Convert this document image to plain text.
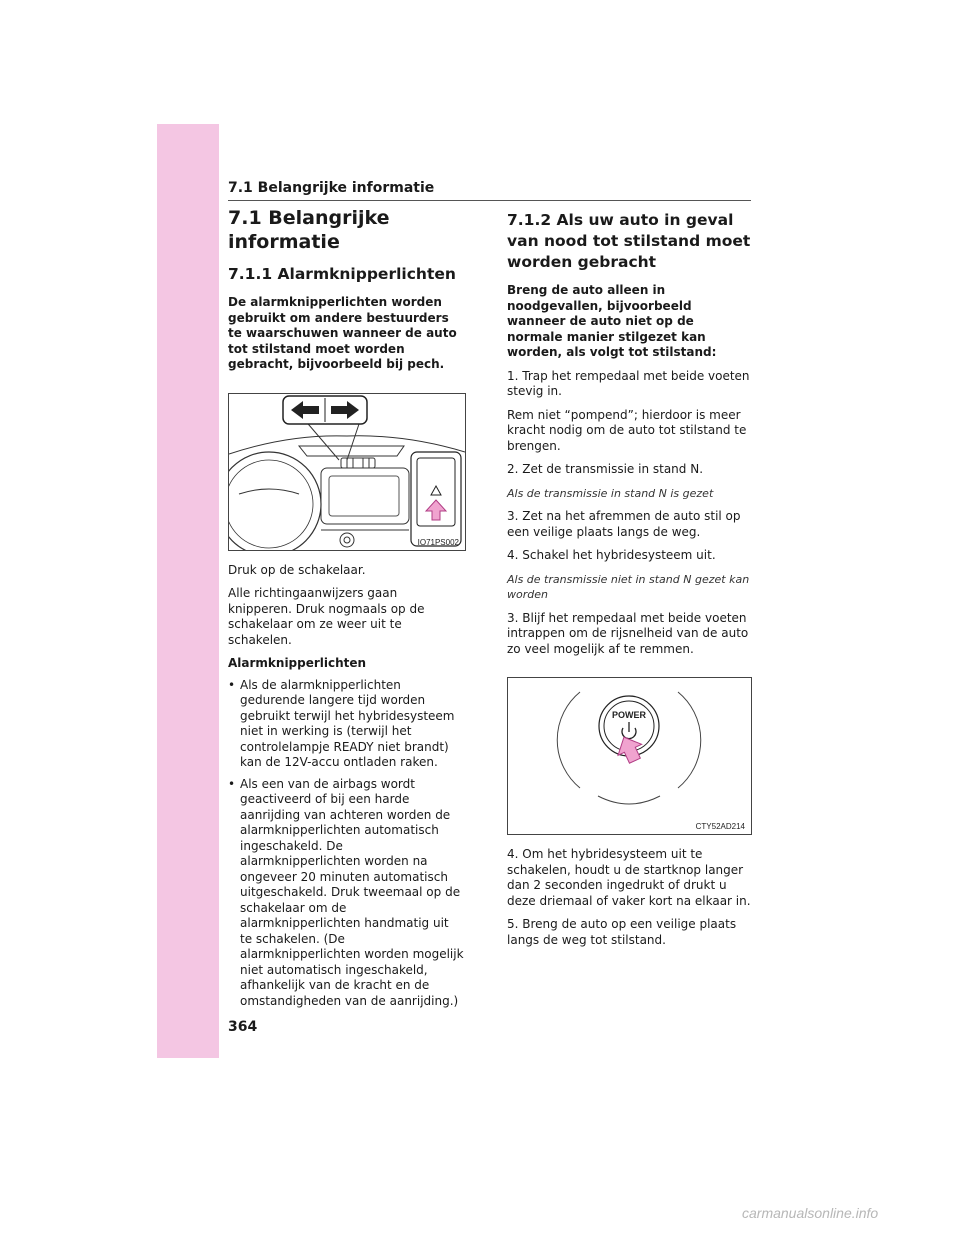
7.1 Belangrijke informatie
7.1 Belangrijke informatie
7.1.1 Alarmknipperlichten

De alarmknipperlichten worden gebruikt om andere bestuurders te waarschuwen wanneer de auto tot stilstand moet worden gebracht, bijvoorbeeld bij pech.

IO71PS002

Druk op de schakelaar.

Alle richtingaanwijzers gaan knipperen. Druk nogmaals op de schakelaar om ze weer uit te schakelen.

Alarmknipperlichten

• Als de alarmknipperlichten gedurende langere tijd worden gebruikt terwijl het hybridesysteem niet in werking is (terwijl het controlelampje READY niet brandt) kan de 12V-accu ontladen raken.
• Als een van de airbags wordt geactiveerd of bij een harde aanrijding van achteren worden de alarmknipperlichten automatisch ingeschakeld. De alarmknipperlichten worden na ongeveer 20 minuten automatisch uitgeschakeld. Druk tweemaal op de schakelaar om de alarmknipperlichten handmatig uit te schakelen. (De alarmknipperlichten worden mogelijk niet automatisch ingeschakeld, afhankelijk van de kracht en de omstandigheden van de aanrijding.)
7.1.2 Als uw auto in geval van nood tot stilstand moet worden gebracht

Breng de auto alleen in noodgevallen, bijvoorbeeld wanneer de auto niet op de normale manier stilgezet kan worden, als volgt tot stilstand:

1. Trap het rempedaal met beide voeten stevig in.

Rem niet “pompend”; hierdoor is meer kracht nodig om de auto tot stilstand te brengen.

2. Zet de transmissie in stand N.

Als de transmissie in stand N is gezet

3. Zet na het afremmen de auto stil op een veilige plaats langs de weg.

4. Schakel het hybridesysteem uit.

Als de transmissie niet in stand N gezet kan worden

3. Blijf het rempedaal met beide voeten intrappen om de rijsnelheid van de auto zo veel mogelijk af te remmen.

POWER
CTY52AD214

4. Om het hybridesysteem uit te schakelen, houdt u de startknop langer dan 2 seconden ingedrukt of drukt u deze driemaal of vaker kort na elkaar in.

5. Breng de auto op een veilige plaats langs de weg tot stilstand.

364
carmanualsonline.info
